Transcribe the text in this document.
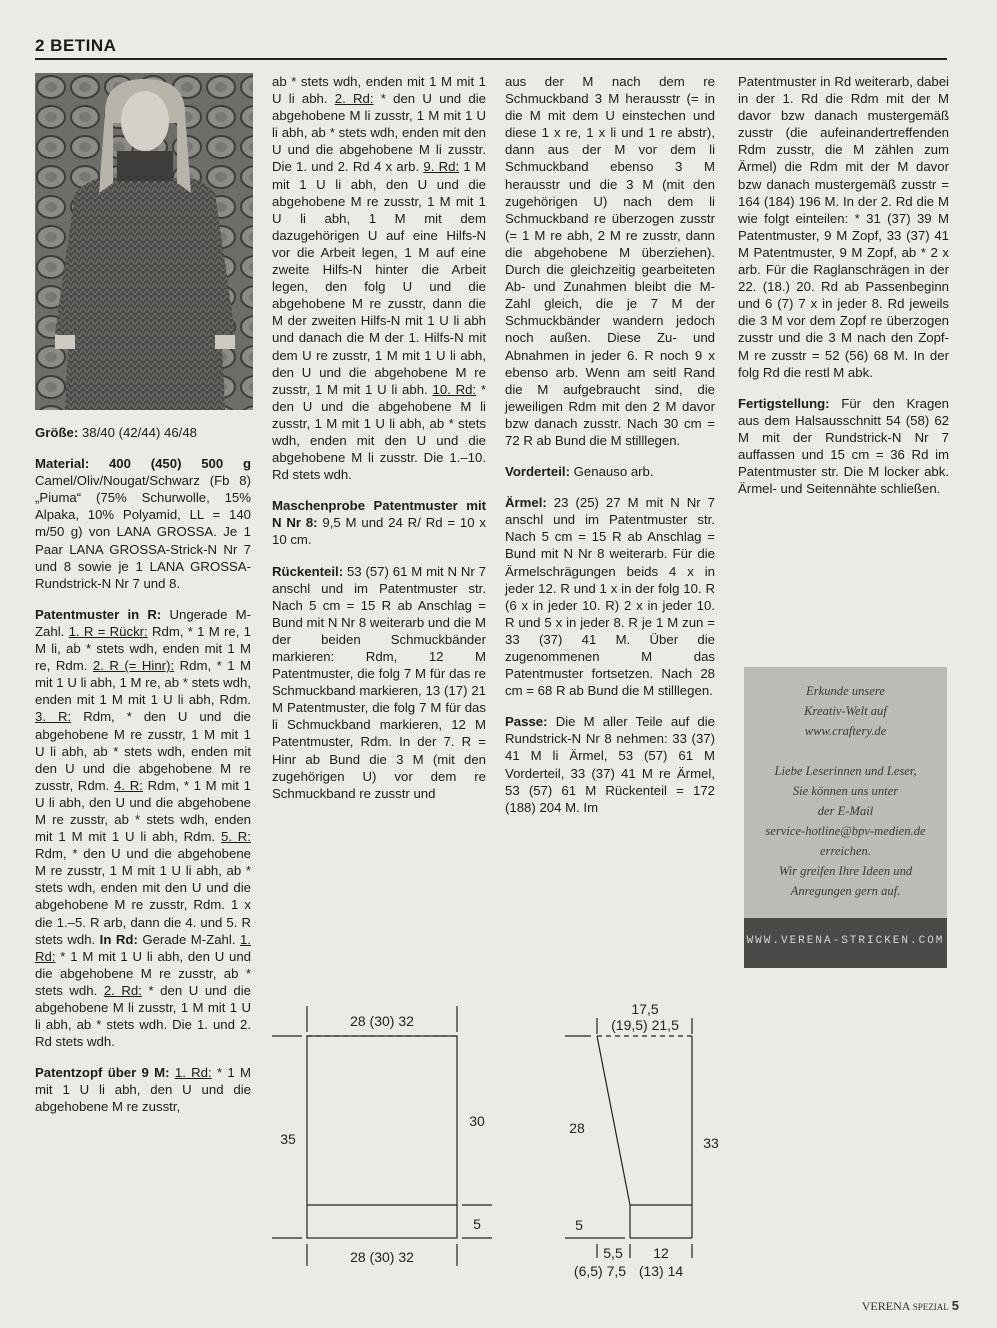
2 BETINA

Größe: 38/40 (42/44) 46/48

Material: 400 (450) 500 g Camel/Oliv/Nougat/Schwarz (Fb 8) „Piuma“ (75% Schurwolle, 15% Alpaka, 10% Polyamid, LL = 140 m/50 g) von LANA GROSSA. Je 1 Paar LANA GROSSA-Strick-N Nr 7 und 8 sowie je 1 LANA GROSSA-Rundstrick-N Nr 7 und 8.

Patentmuster in R: Ungerade M-Zahl. 1. R = Rückr: Rdm, * 1 M re, 1 M li, ab * stets wdh, enden mit 1 M re, Rdm. 2. R (= Hinr): Rdm, * 1 M mit 1 U li abh, 1 M re, ab * stets wdh, enden mit 1 M mit 1 U li abh, Rdm. 3. R: Rdm, * den U und die abgehobene M re zusstr, 1 M mit 1 U li abh, ab * stets wdh, enden mit den U und die abgehobene M re zusstr, Rdm. 4. R: Rdm, * 1 M mit 1 U li abh, den U und die abgehobene M re zusstr, ab * stets wdh, enden mit 1 M mit 1 U li abh, Rdm. 5. R: Rdm, * den U und die abgehobene M re zusstr, 1 M mit 1 U li abh, ab * stets wdh, enden mit den U und die abgehobene M re zusstr, Rdm. 1 x die 1.–5. R arb, dann die 4. und 5. R stets wdh. In Rd: Gerade M-Zahl. 1. Rd: * 1 M mit 1 U li abh, den U und die abgehobene M re zusstr, ab * stets wdh. 2. Rd: * den U und die abgehobene M li zusstr, 1 M mit 1 U li abh, ab * stets wdh. Die 1. und 2. Rd stets wdh.

Patentzopf über 9 M: 1. Rd: * 1 M mit 1 U li abh, den U und die abgehobene M re zusstr,

ab * stets wdh, enden mit 1 M mit 1 U li abh. 2. Rd: * den U und die abgehobene M li zusstr, 1 M mit 1 U li abh, ab * stets wdh, enden mit den U und die abgehobene M li zusstr. Die 1. und 2. Rd 4 x arb. 9. Rd: 1 M mit 1 U li abh, den U und die abgehobene M re zusstr, 1 M mit 1 U li abh, 1 M mit dem dazugehörigen U auf eine Hilfs-N vor die Arbeit legen, 1 M auf eine zweite Hilfs-N hinter die Arbeit legen, den folg U und die abgehobene M re zusstr, dann die M der zweiten Hilfs-N mit 1 U li abh und danach die M der 1. Hilfs-N mit dem U re zusstr, 1 M mit 1 U li abh, den U und die abgehobene M re zusstr, 1 M mit 1 U li abh. 10. Rd: * den U und die abgehobene M li zusstr, 1 M mit 1 U li abh, ab * stets wdh, enden mit den U und die abgehobene M li zusstr. Die 1.–10. Rd stets wdh.

Maschenprobe Patentmuster mit N Nr 8: 9,5 M und 24 R/ Rd = 10 x 10 cm.

Rückenteil: 53 (57) 61 M mit N Nr 7 anschl und im Patentmuster str. Nach 5 cm = 15 R ab Anschlag = Bund mit N Nr 8 weiterarb und die M der beiden Schmuckbänder markieren: Rdm, 12 M Patentmuster, die folg 7 M für das re Schmuckband markieren, 13 (17) 21 M Patentmuster, die folg 7 M für das li Schmuckband markieren, 12 M Patentmuster, Rdm. In der 7. R = Hinr ab Bund die 3 M (mit den zugehörigen U) vor dem re Schmuckband re zusstr und

aus der M nach dem re Schmuckband 3 M herausstr (= in die M mit dem U einstechen und diese 1 x re, 1 x li und 1 re abstr), dann aus der M vor dem li Schmuckband ebenso 3 M herausstr und die 3 M (mit den zugehörigen U) nach dem li Schmuckband re überzogen zusstr (= 1 M re abh, 2 M re zusstr, dann die abgehobene M überziehen). Durch die gleichzeitig gearbeiteten Ab- und Zunahmen bleibt die M-Zahl gleich, die je 7 M der Schmuckbänder wandern jedoch noch außen. Diese Zu- und Abnahmen in jeder 6. R noch 9 x ebenso arb. Wenn am seitl Rand die M aufgebraucht sind, die jeweiligen Rdm mit den 2 M davor bzw danach zusstr. Nach 30 cm = 72 R ab Bund die M stilllegen.

Vorderteil: Genauso arb.

Ärmel: 23 (25) 27 M mit N Nr 7 anschl und im Patentmuster str. Nach 5 cm = 15 R ab Anschlag = Bund mit N Nr 8 weiterarb. Für die Ärmelschrägungen beids 4 x in jeder 12. R und 1 x in der folg 10. R (6 x in jeder 10. R) 2 x in jeder 10. R und 5 x in jeder 8. R je 1 M zun = 33 (37) 41 M. Über die zugenommenen M das Patentmuster fortsetzen. Nach 28 cm = 68 R ab Bund die M stilllegen.

Passe: Die M aller Teile auf die Rundstrick-N Nr 8 nehmen: 33 (37) 41 M li Ärmel, 53 (57) 61 M Vorderteil, 33 (37) 41 M re Ärmel, 53 (57) 61 M Rückenteil = 172 (188) 204 M. Im

Patentmuster in Rd weiterarb, dabei in der 1. Rd die Rdm mit der M davor bzw danach mustergemäß zusstr (die aufeinandertreffenden Rdm zusstr, die M zählen zum Ärmel) die Rdm mit der M davor bzw danach mustergemäß zusstr = 164 (184) 196 M. In der 2. Rd die M wie folgt einteilen: * 31 (37) 39 M Patentmuster, 9 M Zopf, 33 (37) 41 M Patentmuster, 9 M Zopf, ab * 2 x arb. Für die Raglanschrägen in der 22. (18.) 20. Rd ab Passenbeginn und 6 (7) 7 x in jeder 8. Rd jeweils die 3 M vor dem Zopf re überzogen zusstr und die 3 M nach den Zopf-M re zusstr = 52 (56) 68 M. In der folg Rd die restl M abk.

Fertigstellung: Für den Kragen aus dem Halsausschnitt 54 (58) 62 M mit der Rundstrick-N Nr 7 auffassen und 15 cm = 36 Rd im Patentmuster str. Die M locker abk. Ärmel- und Seitennähte schließen.

Erkunde unsere
Kreativ-Welt auf
www.craftery.de

Liebe Leserinnen und Leser,
Sie können uns unter
der E-Mail
service-hotline@bpv-medien.de
erreichen.
Wir greifen Ihre Ideen und
Anregungen gern auf.
WWW.VERENA-STRICKEN.COM
28 (30) 32
28 (30) 32
35
30
5
17,5
(19,5) 21,5
28
33
5
5,5
(6,5) 7,5
12
(13) 14
VERENA SPEZIAL 5
